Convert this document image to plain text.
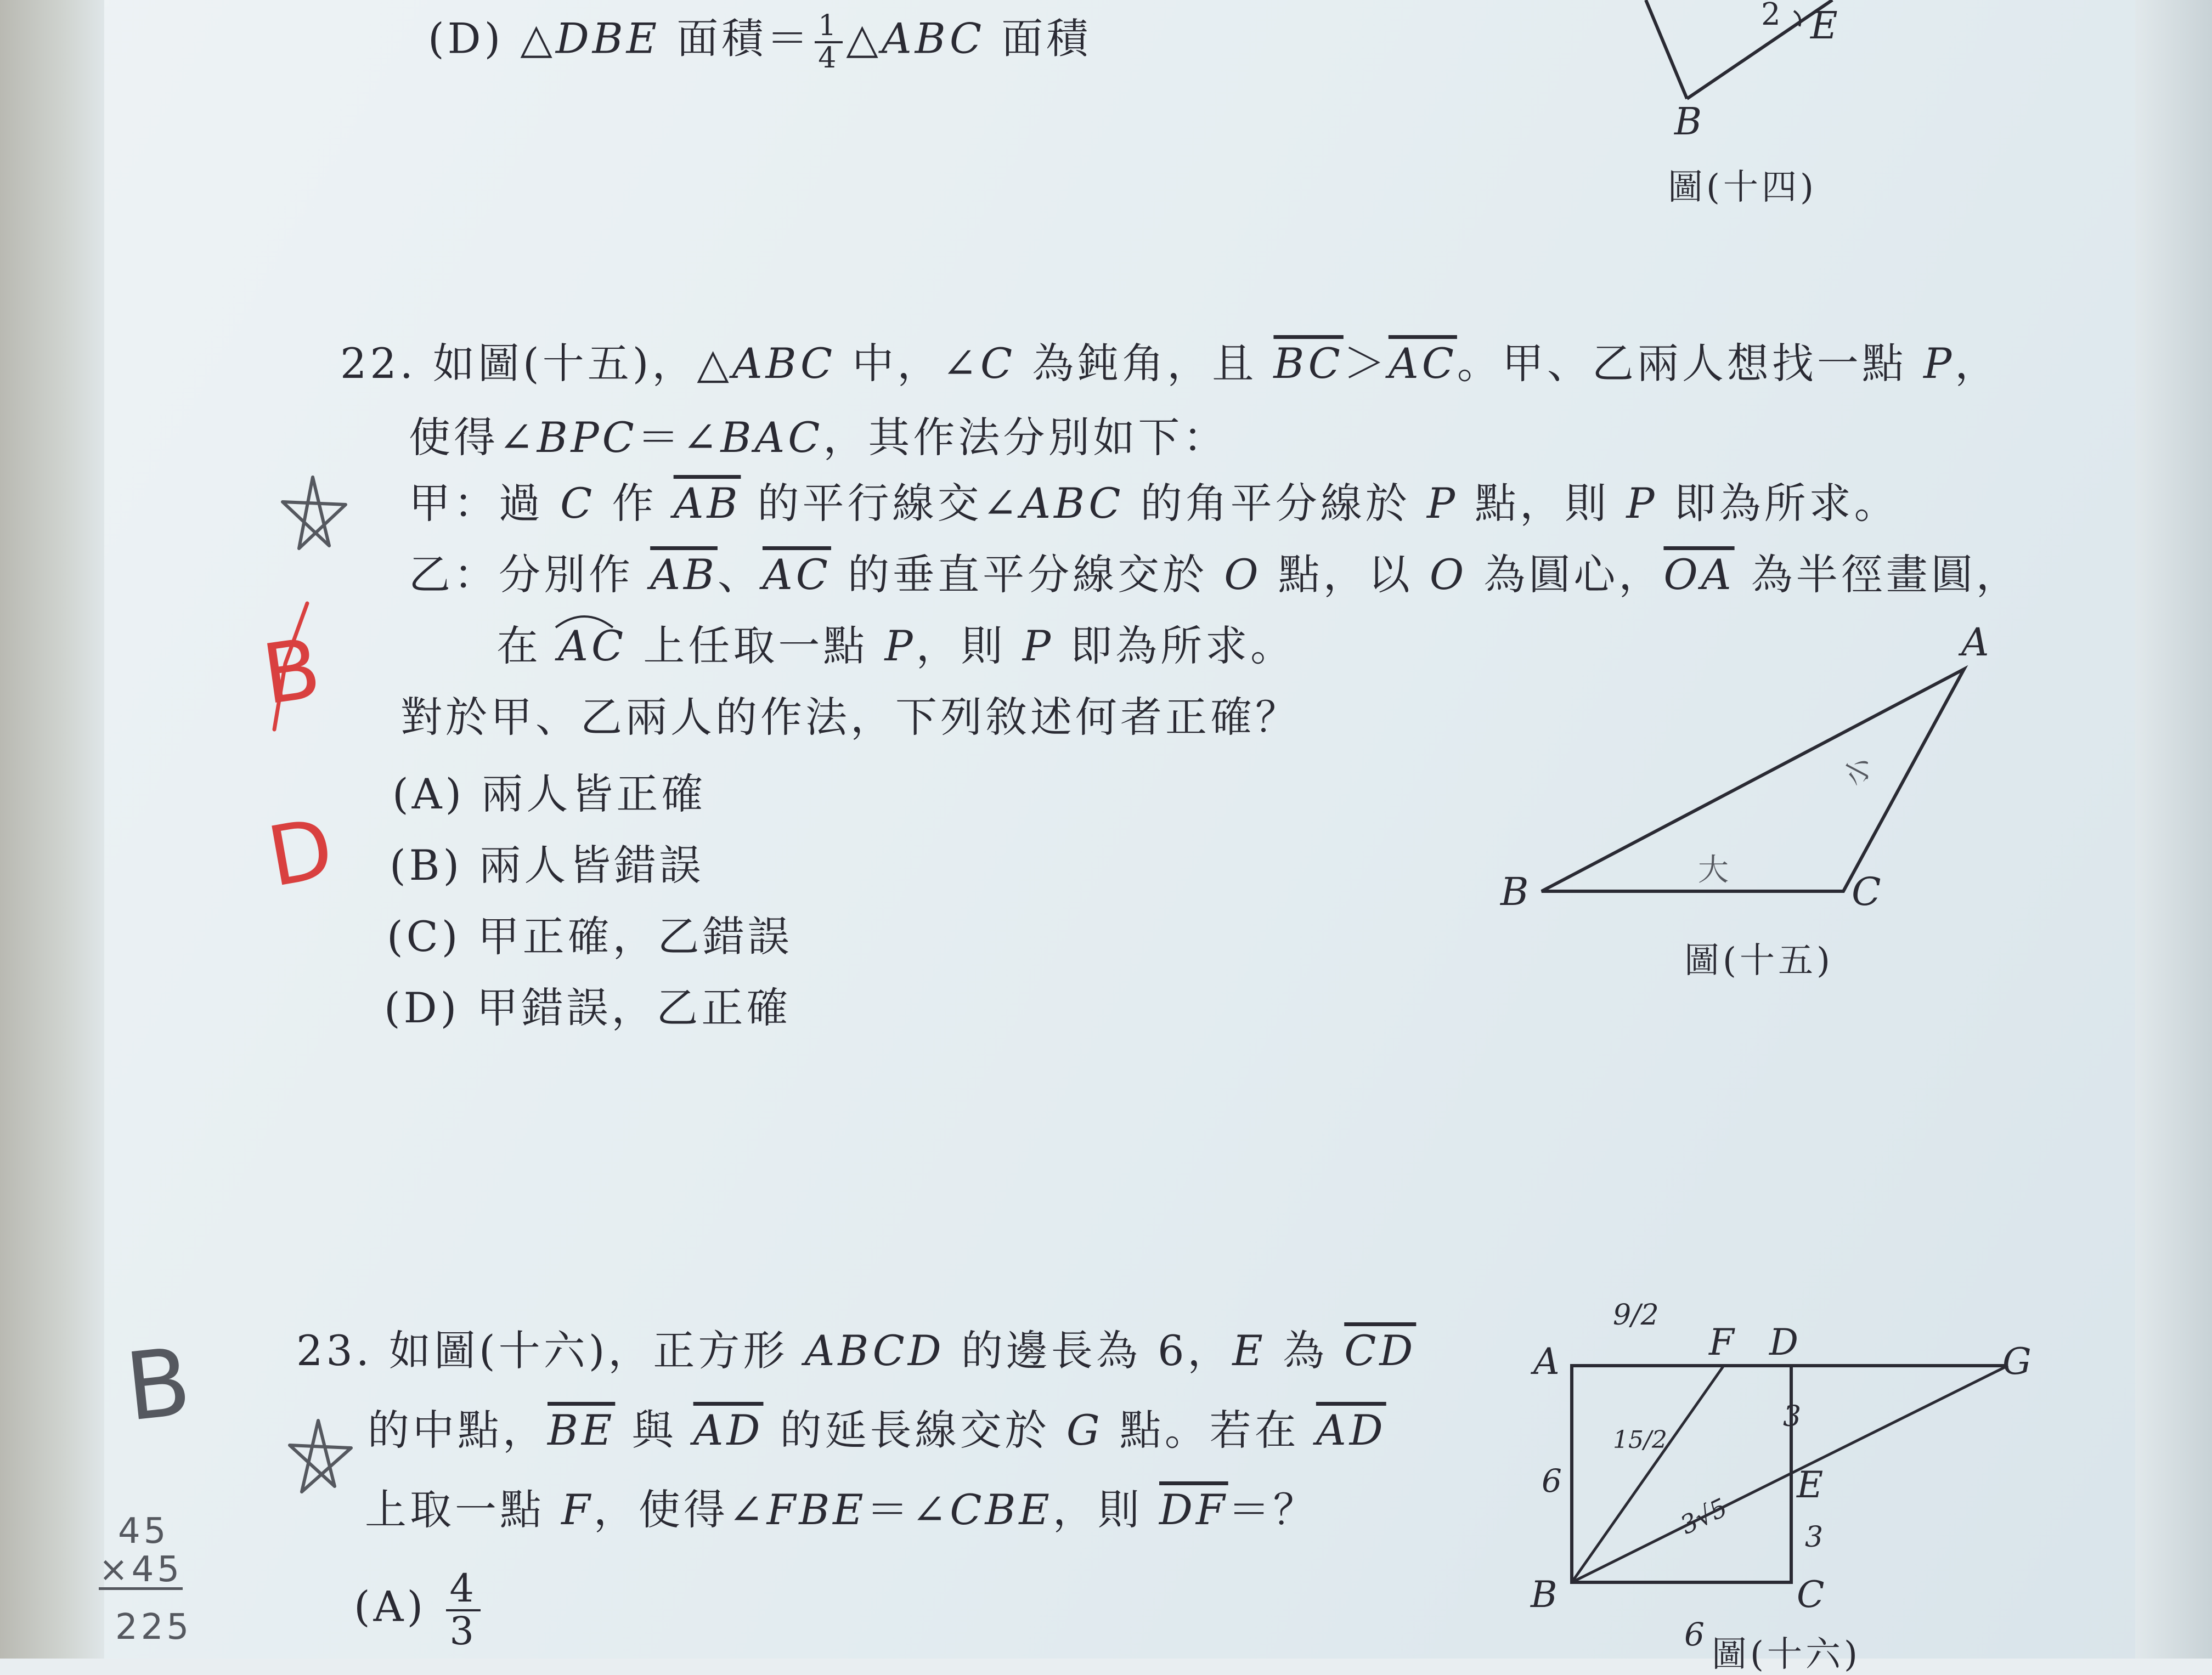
(D) △DBE 面積＝ $\frac{1}{4}$ △ABC 面積	2 E
B
圖(十四)
22. 如圖(十五)，△ABC 中，∠C 為鈍角，且 $\overline{BC}>\overline{AC}$。甲、乙兩人想找一點 P，
使得∠BPC＝∠BAC，其作法分別如下：
甲：過 C 作 $\overline{AB}$ 的平行線交∠ABC 的角平分線於 P 點，則 P 即為所求。
乙：分別作 $\overline{AB}$、$\overline{AC}$ 的垂直平分線交於 O 點，以 O 為圓心，$\overline{OA}$ 為半徑畫圓，
在 AC 上任取一點 P，則 P 即為所求。
對於甲、乙兩人的作法，下列敘述何者正確？
(A) 兩人皆正確
(B) 兩人皆錯誤
(C) 甲正確，乙錯誤
(D) 甲錯誤，乙正確
A
B	C
大
小
圖(十五)
B
D
23. 如圖(十六)，正方形 ABCD 的邊長為 6，E 為 $\overline{CD}$
的中點，$\overline{BE}$ 與 $\overline{AD}$ 的延長線交於 G 點。若在 $\overline{AD}$
上取一點 F，使得∠FBE＝∠CBE，則 $\overline{DF}=$？
$(A) \frac{4}{3}$
A	F D	G
E
B	C
9/2
15/2
6
3
3
6
3√5
圖(十六)
B
45
×45
225
